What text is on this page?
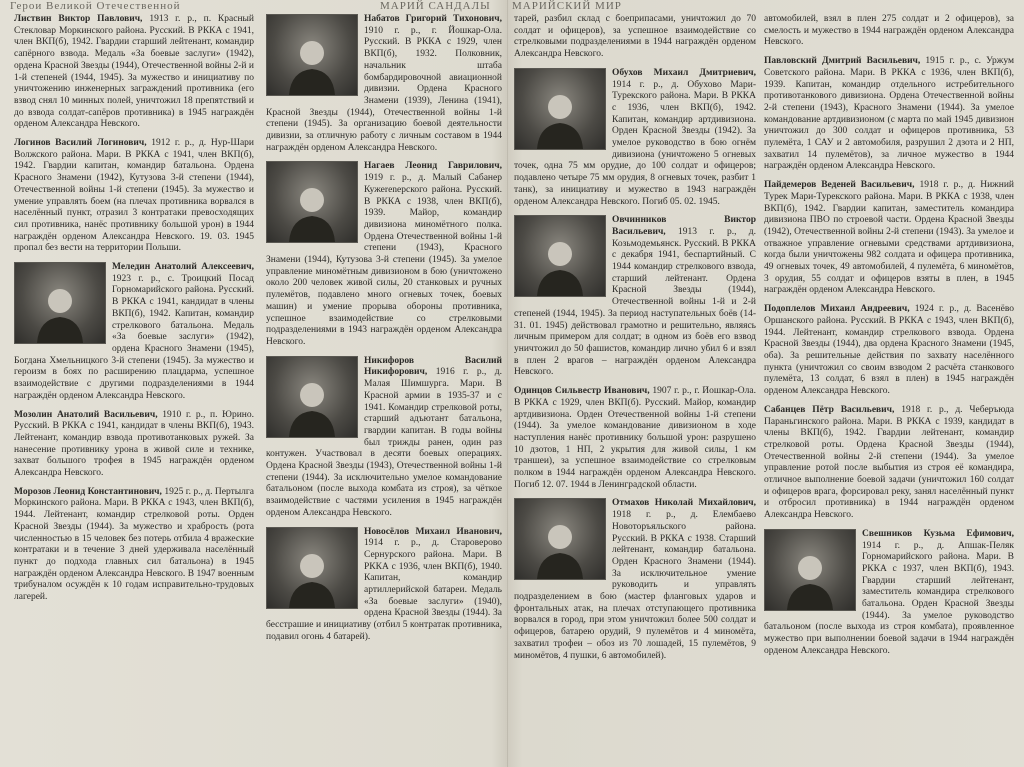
Герои Великой Отечественной	МАРИЙ САНДАЛЫ	МАРИЙСКИЙ МИР

Листвин Виктор Павлович, 1913 г. р., п. Красный Стекловар Моркинского района. Русский. В РККА с 1941, член ВКП(б), 1942. Гвардии старший лейтенант, командир сапёрного взвода. Медаль «За боевые заслуги» (1942), ордена Красной Звезды (1944), Отечественной войны 2-й и 1-й степеней (1944, 1945). За мужество и инициативу по уничтожению инженерных заграждений противника (его взвод снял 10 минных полей, уничтожил 18 препятствий и до взвода солдат-сапёров противника) в 1945 награждён орденом Александра Невского.

Логинов Василий Логинович, 1912 г. р., д. Нур-Шари Волжского района. Мари. В РККА с 1941, член ВКП(б), 1942. Гвардии капитан, командир батальона. Ордена Красного Знамени (1942), Кутузова 3-й степени (1944), Отечественной войны 1-й степени (1945). За мужество и умение управлять боем (на плечах противника ворвался в населённый пункт, отразил 3 контратаки превосходящих сил противника, нанёс противнику большой урон) в 1944 награждён орденом Александра Невского. 19. 03. 1945 пропал без вести на территории Польши.

Меледин Анатолий Алексеевич, 1923 г. р., с. Троицкий Посад Горномарийского района. Русский. В РККА с 1941, кандидат в члены ВКП(б), 1942. Капитан, командир стрелкового батальона. Медаль «За боевые заслуги» (1942), ордена Красного Знамени (1945), Богдана Хмельницкого 3-й степени (1945). За мужество и героизм в боях по расширению плацдарма, успешное взаимодействие с другими подразделениями в 1944 награждён орденом Александра Невского.

Мозолин Анатолий Васильевич, 1910 г. р., п. Юрино. Русский. В РККА с 1941, кандидат в члены ВКП(б), 1943. Лейтенант, командир взвода противотанковых ружей. За нанесение противнику урона в живой силе и технике, захват большого трофея в 1945 награждён орденом Александра Невского.

Морозов Леонид Константинович, 1925 г. р., д. Пертылга Моркинского района. Мари. В РККА с 1943, член ВКП(б), 1944. Лейтенант, командир стрелковой роты. Орден Красной Звезды (1944). За мужество и храбрость (рота численностью в 15 человек без потерь отбила 4 вражеские контратаки и в течение 3 дней удерживала населённый пункт до подхода главных сил батальона) в 1945 награждён орденом Александра Невского. В 1947 военным трибуналом осуждён к 10 годам исправительно-трудовых лагерей.

Набатов Григорий Тихонович, 1910 г. р., г. Йошкар-Ола. Русский. В РККА с 1929, член ВКП(б), 1932. Полковник, начальник штаба бомбардировочной авиационной дивизии. Ордена Красного Знамени (1939), Ленина (1941), Красной Звезды (1944), Отечественной войны 1-й степени (1945). За организацию боевой деятельности дивизии, за отличную работу с личным составом в 1944 награждён орденом Александра Невского.

Нагаев Леонид Гаврилович, 1919 г. р., д. Малый Сабанер Кужеrenерского района. Русский. В РККА с 1938, член ВКП(б), 1939. Майор, командир дивизиона миномётного полка. Ордена Отечественной войны 1-й степени (1943), Красного Знамени (1944), Кутузова 3-й степени (1945). За умелое управление миномётным дивизионом в бою (уничтожено около 200 человек живой силы, 20 станковых и ручных пулемётов, подавлено много огневых точек, боевых машин) и умение прорыва обороны противника, успешное взаимодействие со стрелковыми подразделениями в 1943 награждён орденом Александра Невского.

Никифоров Василий Никифорович, 1916 г. р., д. Малая Шимшурга. Мари. В Красной армии в 1935-37 и с 1941. Командир стрелковой роты, старший адъютант батальона, гвардии капитан. В годы войны был трижды ранен, один раз контужен. Участвовал в десяти боевых операциях. Ордена Красной Звезды (1943), Отечественной войны 1-й степени (1944). За исключительно умелое командование батальоном (после выхода комбата из строя), за чёткое взаимодействие с частями усиления в 1945 награждён орденом Александра Невского.

Новосёлов Михаил Иванович, 1914 г. р., д. Староверово Сернурского района. Мари. В РККА с 1936, член ВКП(б), 1940. Капитан, командир артиллерийской батареи. Медаль «За боевые заслуги» (1940), ордена Красной Звезды (1944). За бесстрашие и инициативу (отбил 5 контратак противника, подавил огонь 4 батарей).

тарей, разбил склад с боеприпасами, уничтожил до 70 солдат и офицеров), за успешное взаимодействие со стрелковыми подразделениями в 1944 награждён орденом Александра Невского.

Обухов Михаил Дмитриевич, 1914 г. р., д. Обухово Мари-Турекского района. Мари. В РККА с 1936, член ВКП(б), 1942. Капитан, командир артдивизиона. Орден Красной Звезды (1942). За умелое руководство в бою огнём дивизиона (уничтожено 5 огневых точек, одна 75 мм орудие, до 100 солдат и офицеров; подавлено четыре 75 мм орудия, 8 огневых точек, разбит 1 танк), за инициативу и мужество в 1943 награждён орденом Александра Невского. Погиб 05. 02. 1945.

Овчинников Виктор Васильевич, 1913 г. р., д. Козьмодемьянск. Русский. В РККА с декабря 1941, беспартийный. С 1944 командир стрелкового взвода, старший лейтенант. Ордена Красной Звезды (1944), Отечественной войны 1-й и 2-й степеней (1944, 1945). За период наступательных боёв (14-31. 01. 1945) действовал грамотно и решительно, являясь личным примером для солдат; в одном из боёв его взвод уничтожил до 50 фашистов, командир лично убил 6 и взял в плен 2 врагов – награждён орденом Александра Невского.

Одинцов Сильвестр Иванович, 1907 г. р., г. Йошкар-Ола. В РККА с 1929, член ВКП(б). Русский. Майор, командир артдивизиона. Орден Отечественной войны 1-й степени (1944). За умелое командование дивизионом в ходе наступления нанёс противнику большой урон: разрушено 10 дзотов, 1 НП, 2 укрытия для живой силы, 1 км траншеи), за успешное взаимодействие со стрелковым полком в 1944 награждён орденом Александра Невского. Погиб 12. 07. 1944 в Ленинградской области.

Отмахов Николай Михайлович, 1918 г. р., д. Елембаево Новоторъяльского района. Русский. В РККА с 1938. Старший лейтенант, командир батальона. Орден Красного Знамени (1944). За исключительное умение руководить и управлять подразделением в бою (мастер фланговых ударов и фронтальных атак, на плечах отступающего противника ворвался в город, при этом уничтожил более 500 солдат и офицеров, батарею орудий, 9 пулемётов и 4 миномёта, захватил трофеи – обоз из 70 лошадей, 15 пулемётов, 9 миномётов, 4 пушки, 6 автомобилей).

автомобилей, взял в плен 275 солдат и 2 офицеров), за смелость и мужество в 1944 награждён орденом Александра Невского.

Павловский Дмитрий Васильевич, 1915 г. р., с. Уржум Советского района. Мари. В РККА с 1936, член ВКП(б), 1939. Капитан, командир отдельного истребительного противотанкового дивизиона. Ордена Отечественной войны 2-й степени (1943), Красного Знамени (1944). За умелое командование артдивизионом (с марта по май 1945 дивизион уничтожил до 300 солдат и офицеров противника, 53 пулемёта, 1 САУ и 2 автомобиля, разрушил 2 дзота и 2 НП, захватил 14 пулемётов), за личное мужество в 1944 награждён орденом Александра Невского.

Пайдемеров Веденей Васильевич, 1918 г. р., д. Нижний Турек Мари-Турекского района. Мари. В РККА с 1938, член ВКП(б), 1942. Гвардии капитан, заместитель командира дивизиона ПВО по строевой части. Ордена Красной Звезды (1942), Отечественной войны 2-й степени (1943). За умелое и отважное управление огневыми средствами артдивизиона, когда были уничтожены 982 солдата и офицера противника, 49 огневых точек, 49 автомобилей, 4 пулемёта, 6 миномётов, 3 орудия, 55 солдат и офицеров взяты в плен, в 1945 награждён орденом Александра Невского.

Подоплелов Михаил Андреевич, 1924 г. р., д. Васенёво Оршанского района. Русский. В РККА с 1943, член ВКП(б), 1944. Лейтенант, командир стрелкового взвода. Ордена Красной Звезды (1944), два ордена Красного Знамени (1945, оба). За решительные действия по захвату населённого пункта (уничтожил со своим взводом 2 расчёта станкового пулемёта, 13 солдат, 6 взял в плен) в 1945 награждён орденом Александра Невского.

Сабанцев Пётр Васильевич, 1918 г. р., д. Чеберъюда Параньгинского района. Мари. В РККА с 1939, кандидат в члены ВКП(б), 1942. Гвардии лейтенант, командир стрелковой роты. Ордена Красной Звезды (1944), Отечественной войны 2-й степени (1944). За умелое управление ротой после выбытия из строя её командира, отличное выполнение боевой задачи (уничтожил 160 солдат и офицеров врага, форсировал реку, занял населённый пункт и отбросил противника) в 1944 награждён орденом Александра Невского.

Свешников Кузьма Ефимович, 1914 г. р., д. Апшак-Пеляк Горномарийского района. Мари. В РККА с 1937, член ВКП(б), 1943. Гвардии старший лейтенант, заместитель командира стрелкового батальона. Орден Красной Звезды (1944). За умелое руководство батальоном (после выхода из строя комбата), проявленное мужество при выполнении боевой задачи в 1944 награждён орденом Александра Невского.
